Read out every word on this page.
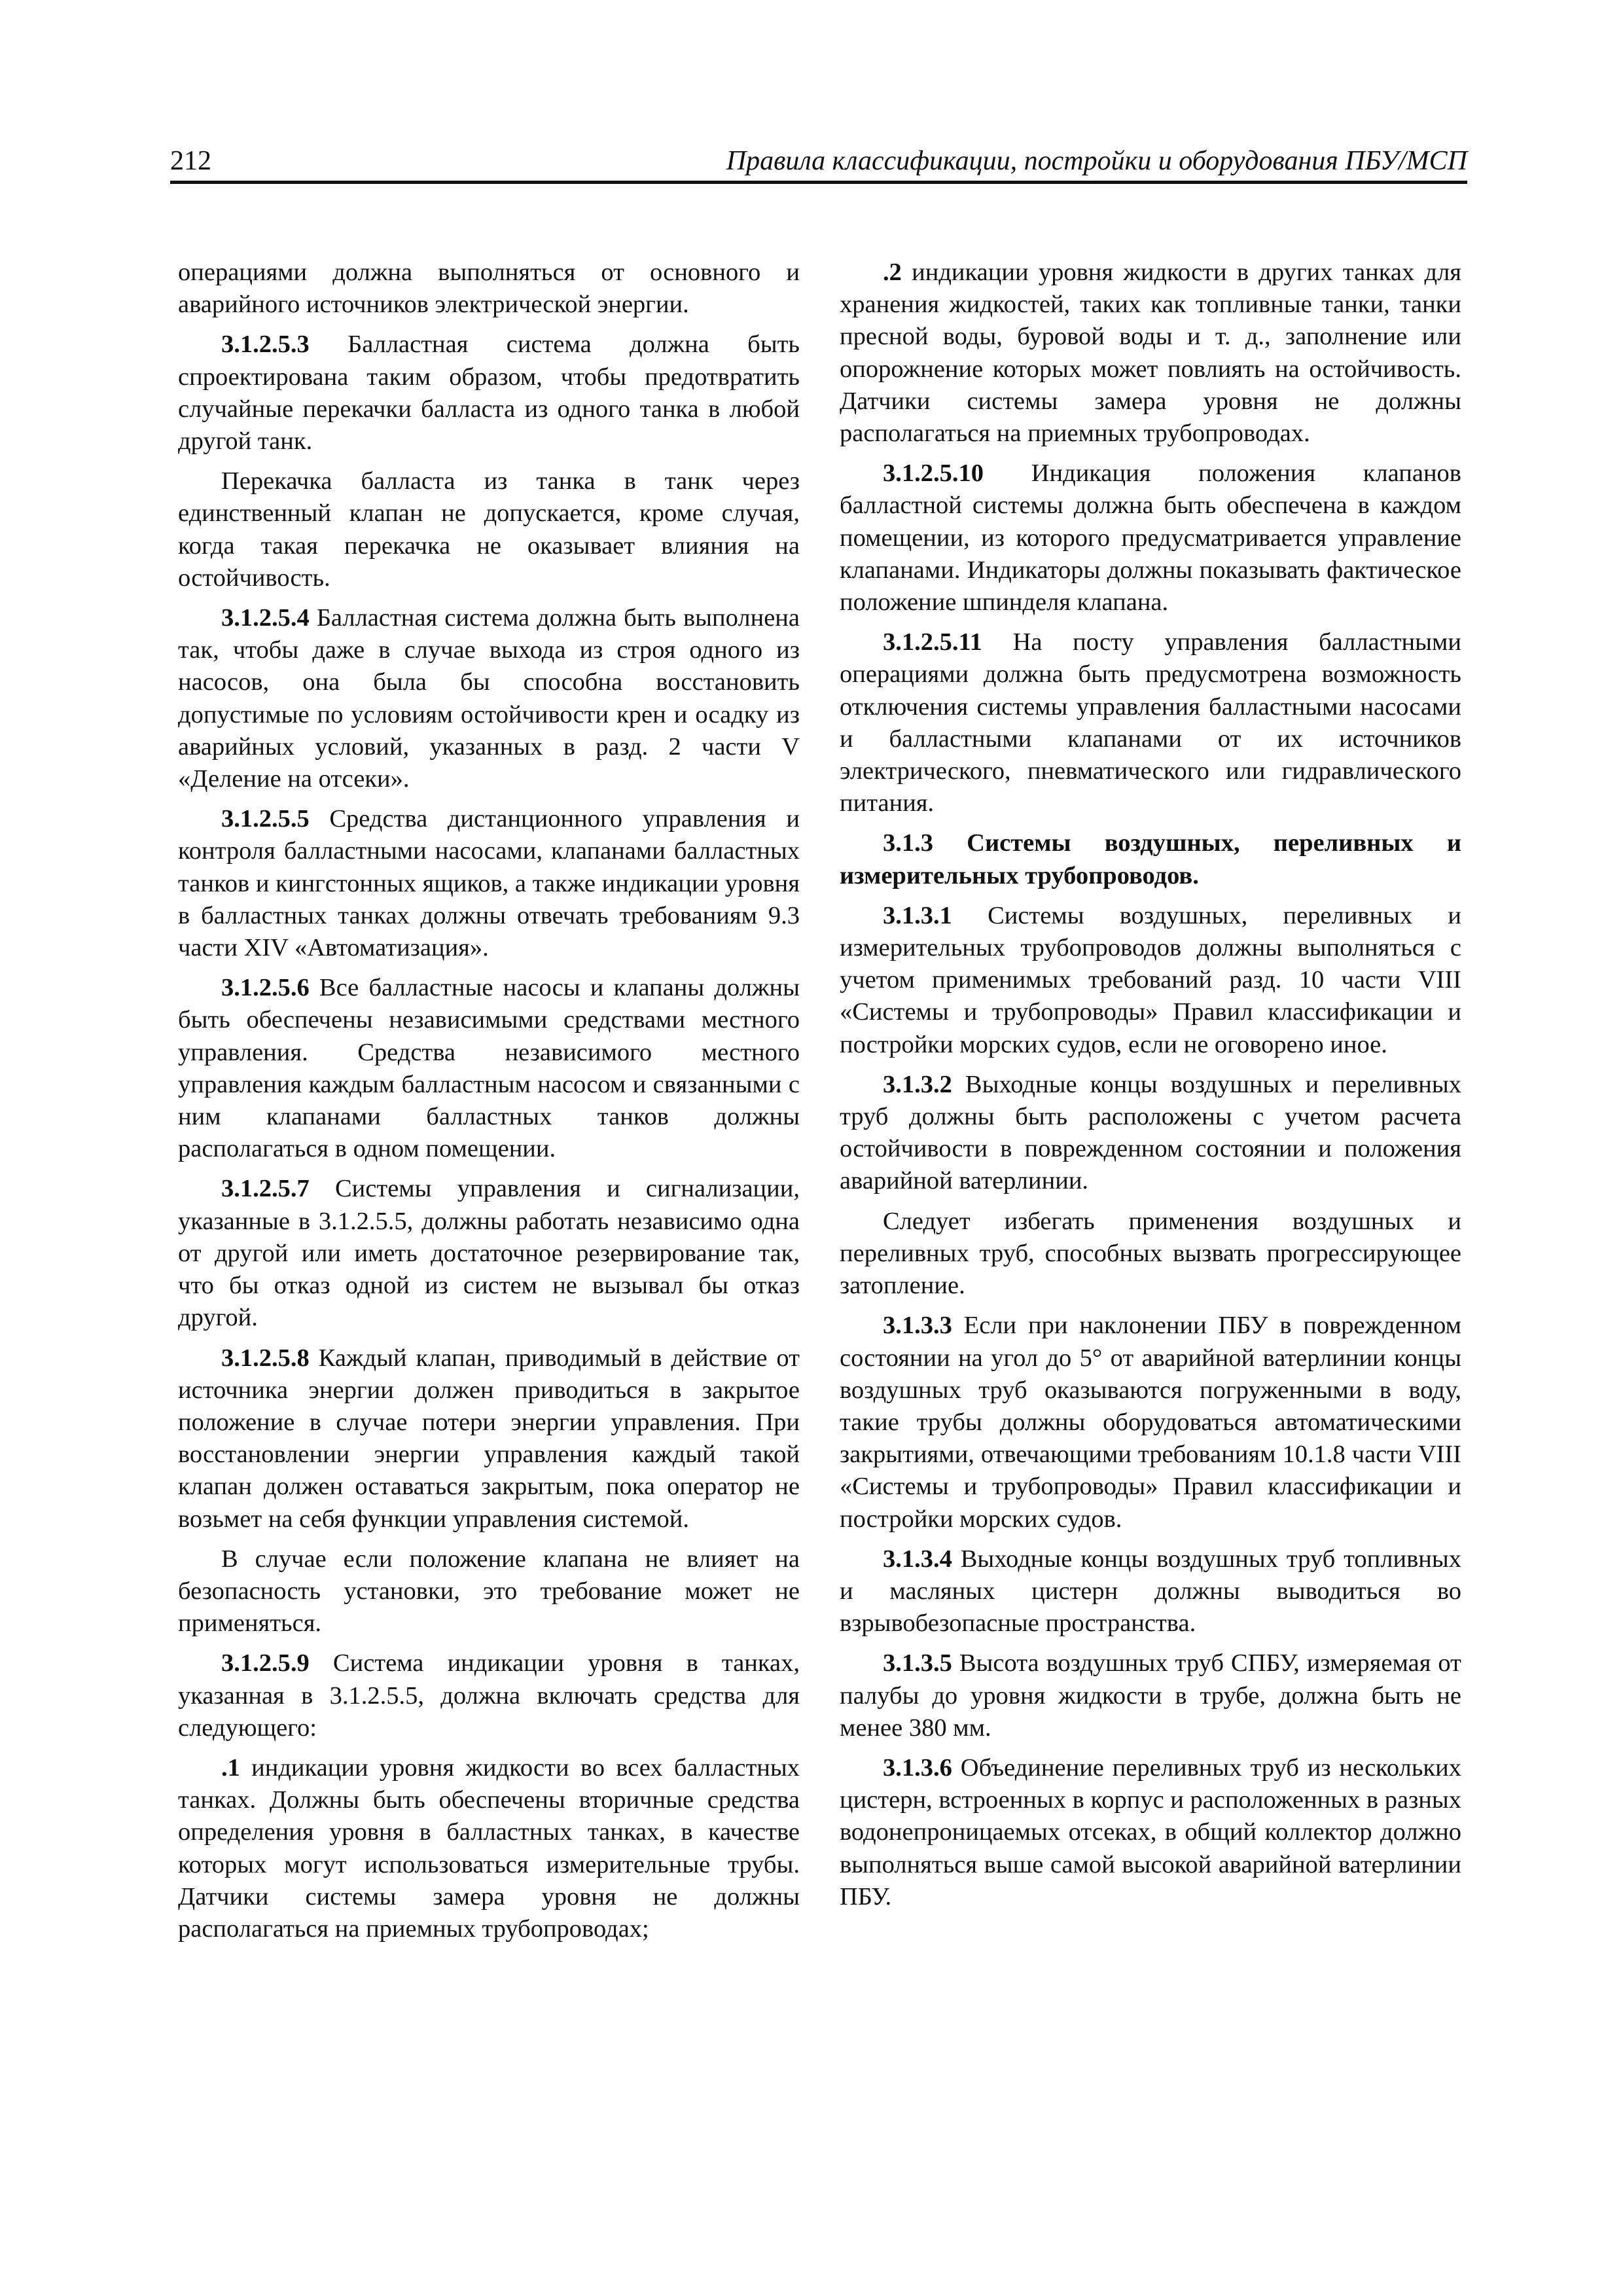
212	Правила классификации, постройки и оборудования ПБУ/МСП

операциями должна выполняться от основного и аварийного источников электрической энергии.

3.1.2.5.3 Балластная система должна быть спроектирована таким образом, чтобы предотвратить случайные перекачки балласта из одного танка в любой другой танк.

Перекачка балласта из танка в танк через единственный клапан не допускается, кроме случая, когда такая перекачка не оказывает влияния на остойчивость.

3.1.2.5.4 Балластная система должна быть выполнена так, чтобы даже в случае выхода из строя одного из насосов, она была бы способна восстановить допустимые по условиям остойчивости крен и осадку из аварийных условий, указанных в разд. 2 части V «Деление на отсеки».

3.1.2.5.5 Средства дистанционного управления и контроля балластными насосами, клапанами балластных танков и кингстонных ящиков, а также индикации уровня в балластных танках должны отвечать требованиям 9.3 части XIV «Автоматизация».

3.1.2.5.6 Все балластные насосы и клапаны должны быть обеспечены независимыми средствами местного управления. Средства независимого местного управления каждым балластным насосом и связанными с ним клапанами балластных танков должны располагаться в одном помещении.

3.1.2.5.7 Системы управления и сигнализации, указанные в 3.1.2.5.5, должны работать независимо одна от другой или иметь достаточное резервирование так, что бы отказ одной из систем не вызывал бы отказ другой.

3.1.2.5.8 Каждый клапан, приводимый в действие от источника энергии должен приводиться в закрытое положение в случае потери энергии управления. При восстановлении энергии управления каждый такой клапан должен оставаться закрытым, пока оператор не возьмет на себя функции управления системой.

В случае если положение клапана не влияет на безопасность установки, это требование может не применяться.

3.1.2.5.9 Система индикации уровня в танках, указанная в 3.1.2.5.5, должна включать средства для следующего:

.1 индикации уровня жидкости во всех балластных танках. Должны быть обеспечены вторичные средства определения уровня в балластных танках, в качестве которых могут использоваться измерительные трубы. Датчики системы замера уровня не должны располагаться на приемных трубопроводах;

.2 индикации уровня жидкости в других танках для хранения жидкостей, таких как топливные танки, танки пресной воды, буровой воды и т. д., заполнение или опорожнение которых может повлиять на остойчивость. Датчики системы замера уровня не должны располагаться на приемных трубопроводах.

3.1.2.5.10 Индикация положения клапанов балластной системы должна быть обеспечена в каждом помещении, из которого предусматривается управление клапанами. Индикаторы должны показывать фактическое положение шпинделя клапана.

3.1.2.5.11 На посту управления балластными операциями должна быть предусмотрена возможность отключения системы управления балластными насосами и балластными клапанами от их источников электрического, пневматического или гидравлического питания.

3.1.3 Системы воздушных, переливных и измерительных трубопроводов.

3.1.3.1 Системы воздушных, переливных и измерительных трубопроводов должны выполняться с учетом применимых требований разд. 10 части VIII «Системы и трубопроводы» Правил классификации и постройки морских судов, если не оговорено иное.

3.1.3.2 Выходные концы воздушных и переливных труб должны быть расположены с учетом расчета остойчивости в поврежденном состоянии и положения аварийной ватерлинии.

Следует избегать применения воздушных и переливных труб, способных вызвать прогрессирующее затопление.

3.1.3.3 Если при наклонении ПБУ в поврежденном состоянии на угол до 5° от аварийной ватерлинии концы воздушных труб оказываются погруженными в воду, такие трубы должны оборудоваться автоматическими закрытиями, отвечающими требованиям 10.1.8 части VIII «Системы и трубопроводы» Правил классификации и постройки морских судов.

3.1.3.4 Выходные концы воздушных труб топливных и масляных цистерн должны выводиться во взрывобезопасные пространства.

3.1.3.5 Высота воздушных труб СПБУ, измеряемая от палубы до уровня жидкости в трубе, должна быть не менее 380 мм.

3.1.3.6 Объединение переливных труб из нескольких цистерн, встроенных в корпус и расположенных в разных водонепроницаемых отсеках, в общий коллектор должно выполняться выше самой высокой аварийной ватерлинии ПБУ.
